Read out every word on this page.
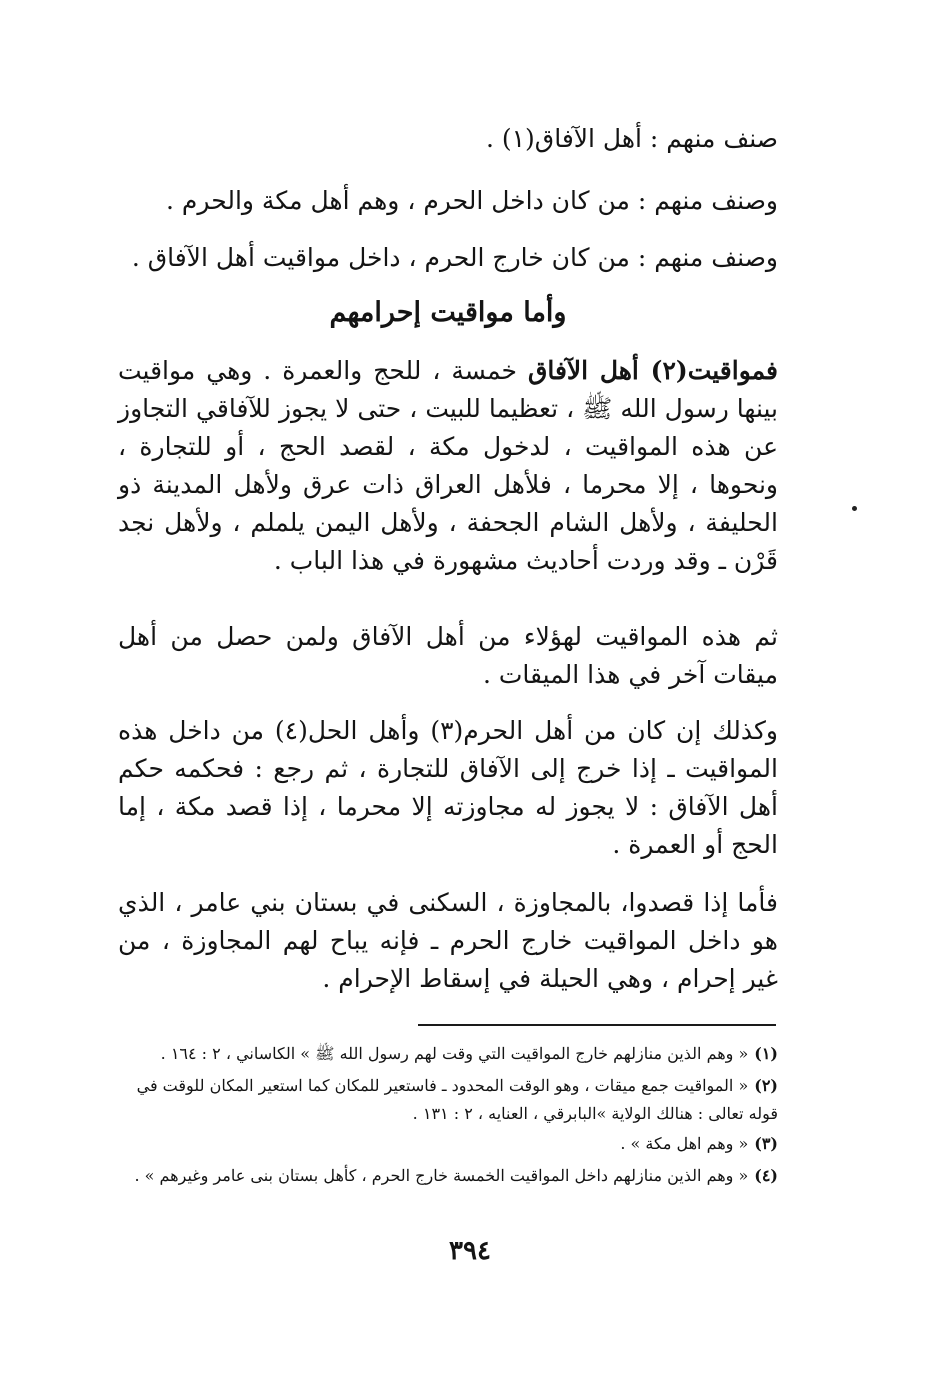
صنف منهم : أهل الآفاق(١) .
وصنف منهم : من كان داخل الحرم ، وهم أهل مكة والحرم .
وصنف منهم : من كان خارج الحرم ، داخل مواقيت أهل الآفاق .
وأما مواقيت إحرامهم
فمواقيت(٢) أهل الآفاق خمسة ، للحج والعمرة . وهي مواقيت بينها رسول الله ﷺ ، تعظيما للبيت ، حتى لا يجوز للآفاقي التجاوز عن هذه المواقيت ، لدخول مكة ، لقصد الحج ، أو للتجارة ، ونحوها ، إلا محرما ، فلأهل العراق ذات عرق ولأهل المدينة ذو الحليفة ، ولأهل الشام الجحفة ، ولأهل اليمن يلملم ، ولأهل نجد قَرْن ـ وقد وردت أحاديث مشهورة في هذا الباب .
ثم هذه المواقيت لهؤلاء من أهل الآفاق ولمن حصل من أهل ميقات آخر في هذا الميقات .
وكذلك إن كان من أهل الحرم(٣) وأهل الحل(٤) من داخل هذه المواقيت ـ إذا خرج إلى الآفاق للتجارة ، ثم رجع : فحكمه حكم أهل الآفاق : لا يجوز له مجاوزته إلا محرما ، إذا قصد مكة ، إما الحج أو العمرة .
فأما إذا قصدوا، بالمجاوزة ، السكنى في بستان بني عامر ، الذي هو داخل المواقيت خارج الحرم ـ فإنه يباح لهم المجاوزة ، من غير إحرام ، وهي الحيلة في إسقاط الإحرام .
(١)« وهم الذين منازلهم خارج المواقيت التي وقت لهم رسول الله ﷺ » الكاساني ، ٢ : ١٦٤ .
(٢)« المواقيت جمع ميقات ، وهو الوقت المحدود ـ فاستعير للمكان كما استعير المكان للوقت في قوله تعالى : هنالك الولاية »البابرقي ، العنايه ، ٢ : ١٣١ .
(٣)« وهم اهل مكة » .
(٤)« وهم الذين منازلهم داخل المواقيت الخمسة خارج الحرم ، كأهل بستان بنى عامر وغيرهم » .
٣٩٤
